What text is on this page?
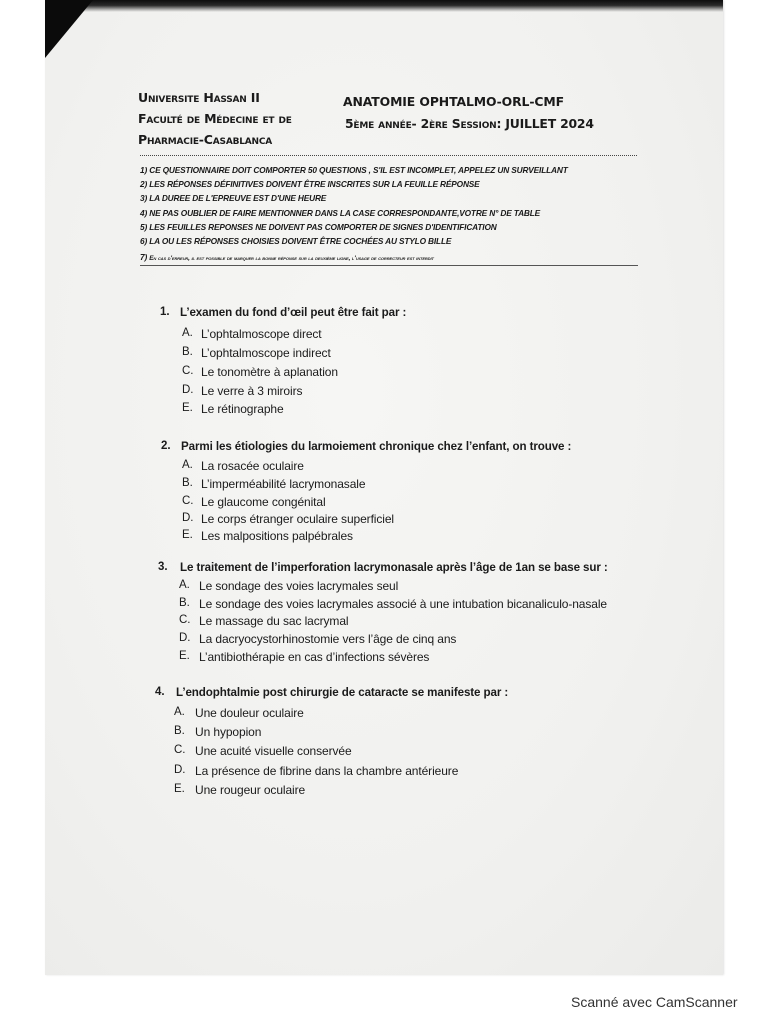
Universite Hassan II
Faculté de Médecine et de
Pharmacie-Casablanca
ANATOMIE OPHTALMO-ORL-CMF
5ème année- 2ère Session: JUILLET 2024
1) CE QUESTIONNAIRE DOIT COMPORTER 50 QUESTIONS , S'IL EST INCOMPLET, APPELEZ UN SURVEILLANT
2) LES RÉPONSES DÉFINITIVES DOIVENT ÊTRE INSCRITES SUR LA FEUILLE RÉPONSE
3) LA DUREE DE L'EPREUVE EST D'UNE HEURE
4) NE PAS OUBLIER DE FAIRE MENTIONNER DANS LA CASE CORRESPONDANTE,VOTRE N° DE TABLE
5) LES FEUILLES REPONSES NE DOIVENT PAS COMPORTER DE SIGNES D'IDENTIFICATION
6) LA OU LES RÉPONSES CHOISIES DOIVENT ÊTRE COCHÉES AU STYLO BILLE
7) En cas d'erreur, il est possible de marquer la bonne réponse sur la deuxième ligne, l'usage de correcteur est interdit
1. L’examen du fond d’œil peut être fait par :
A. L’ophtalmoscope direct
B. L’ophtalmoscope indirect
C. Le tonomètre à aplanation
D. Le verre à 3 miroirs
E. Le rétinographe
2. Parmi les étiologies du larmoiement chronique chez l’enfant, on trouve :
A. La rosacée oculaire
B. L’imperméabilité lacrymonasale
C. Le glaucome congénital
D. Le corps étranger oculaire superficiel
E. Les malpositions palpébrales
3. Le traitement de l’imperforation lacrymonasale après l’âge de 1an se base sur :
A. Le sondage des voies lacrymales seul
B. Le sondage des voies lacrymales associé à une intubation bicanaliculo-nasale
C. Le massage du sac lacrymal
D. La dacryocystorhinostomie vers l’âge de cinq ans
E. L’antibiothérapie en cas d’infections sévères
4. L’endophtalmie post chirurgie de cataracte se manifeste par :
A. Une douleur oculaire
B. Un hypopion
C. Une acuité visuelle conservée
D. La présence de fibrine dans la chambre antérieure
E. Une rougeur oculaire
Scanné avec CamScanner
